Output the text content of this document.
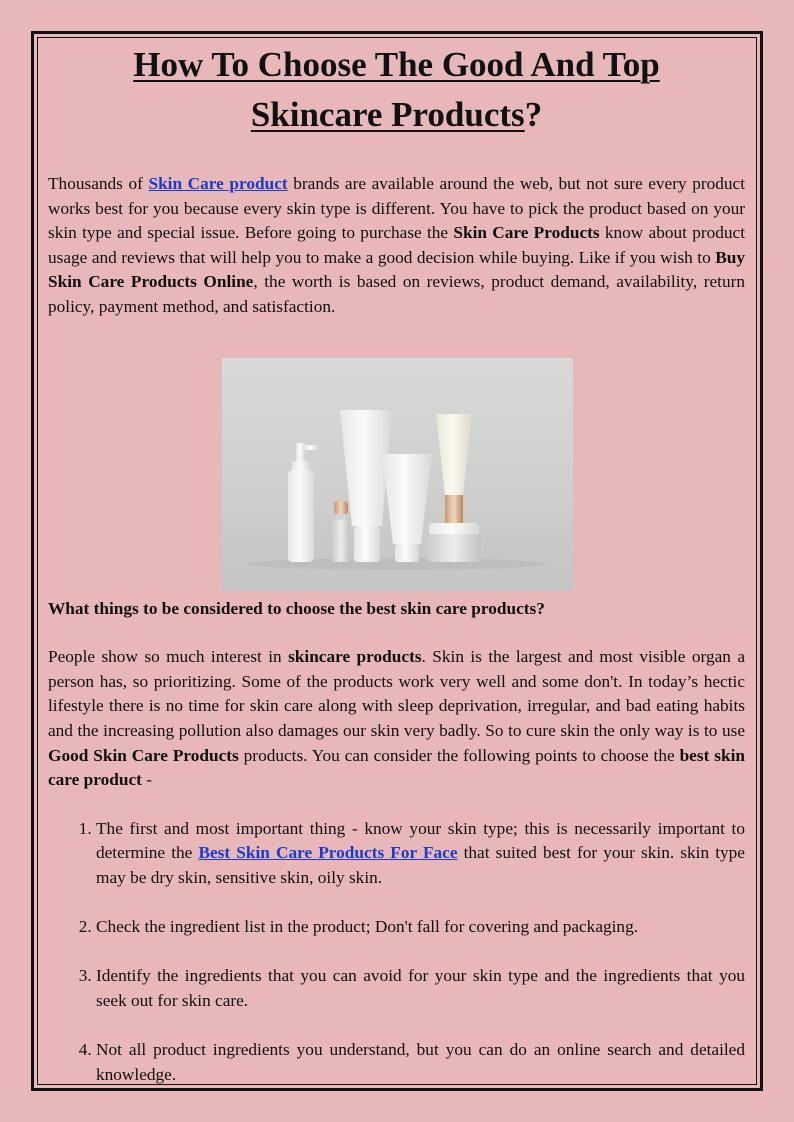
How To Choose The Good And Top
Skincare Products?

Thousands of Skin Care product brands are available around the web, but not sure every product works best for you because every skin type is different. You have to pick the product based on your skin type and special issue. Before going to purchase the Skin Care Products know about product usage and reviews that will help you to make a good decision while buying. Like if you wish to Buy Skin Care Products Online, the worth is based on reviews, product demand, availability, return policy, payment method, and satisfaction.

What things to be considered to choose the best skin care products?

People show so much interest in skincare products. Skin is the largest and most visible organ a person has, so prioritizing. Some of the products work very well and some don't. In today’s hectic lifestyle there is no time for skin care along with sleep deprivation, irregular, and bad eating habits and the increasing pollution also damages our skin very badly. So to cure skin the only way is to use Good Skin Care Products products. You can consider the following points to choose the best skin care product -

1. The first and most important thing - know your skin type; this is necessarily important to determine the Best Skin Care Products For Face that suited best for your skin. skin type may be dry skin, sensitive skin, oily skin.
2. Check the ingredient list in the product; Don't fall for covering and packaging.
3. Identify the ingredients that you can avoid for your skin type and the ingredients that you seek out for skin care.
4. Not all product ingredients you understand, but you can do an online search and detailed knowledge.
